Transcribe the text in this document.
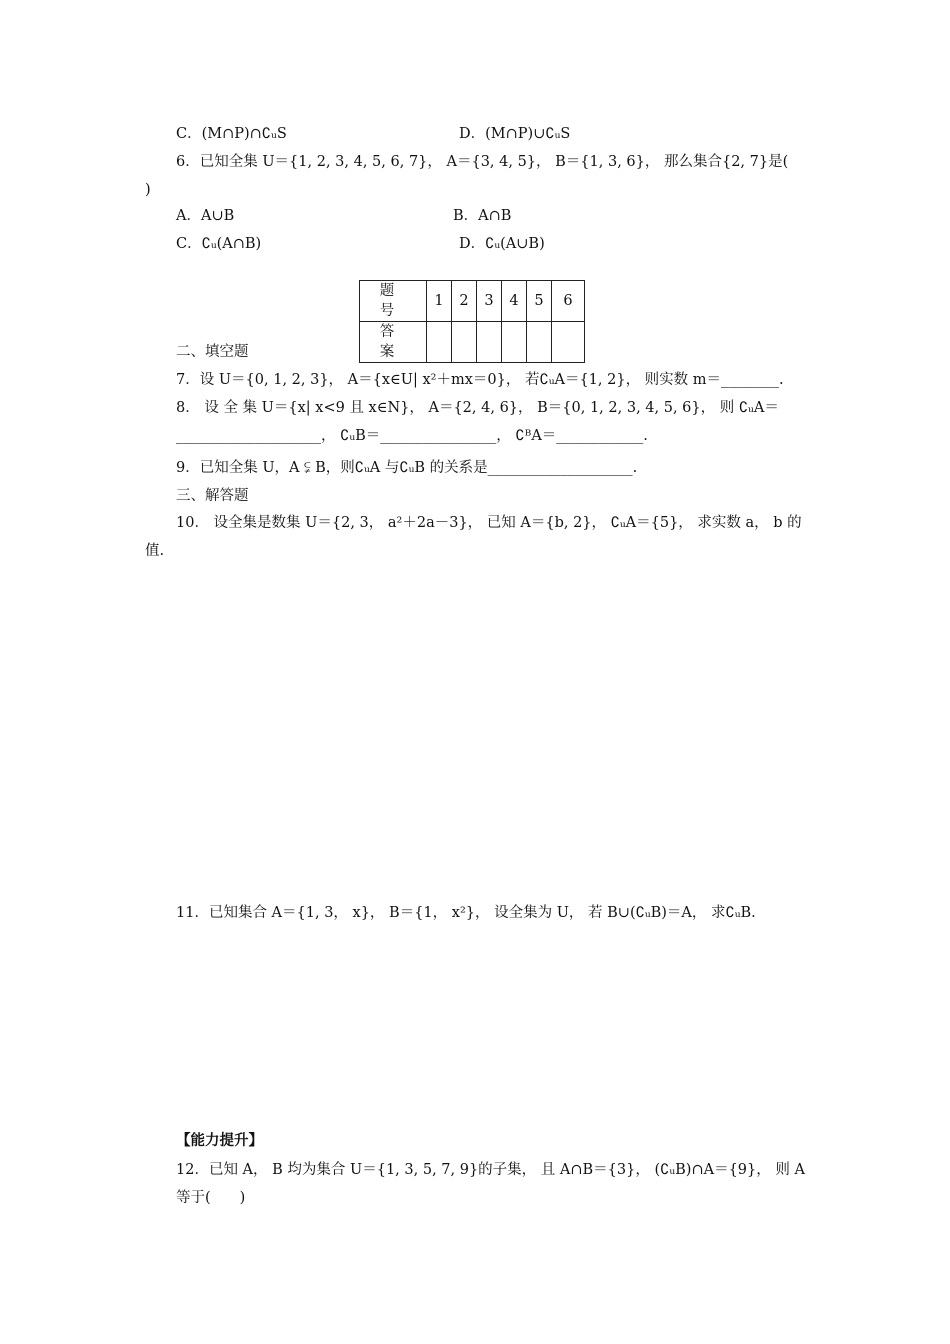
C．(M∩P)∩∁ᵤS	D．(M∩P)∪∁ᵤS
6．已知全集 U＝{1, 2, 3, 4, 5, 6, 7}， A＝{3, 4, 5}， B＝{1, 3, 6}， 那么集合{2, 7}是(
)
A．A∪B	B．A∩B
C．∁ᵤ(A∩B)	D．∁ᵤ(A∪B)
题 号	1	2	3	4	5	6
答 案						
二、填空题
7．设 U＝{0, 1, 2, 3}， A＝{x∈U| x²＋mx＝0}， 若∁ᵤA＝{1, 2}， 则实数 m＝________.
8． 设 全 集 U＝{x| x<9 且 x∈N}， A＝{2, 4, 6}， B＝{0, 1, 2, 3, 4, 5, 6}， 则 ∁ᵤA＝
____________________， ∁ᵤB＝________________， ∁ᴮA＝____________.
9．已知全集 U，A ⫋ B，则∁ᵤA 与∁ᵤB 的关系是____________________.
三、解答题
10． 设全集是数集 U＝{2, 3， a²＋2a－3}， 已知 A＝{b, 2}， ∁ᵤA＝{5}， 求实数 a， b 的
值.
11．已知集合 A＝{1, 3， x}， B＝{1， x²}， 设全集为 U， 若 B∪(∁ᵤB)＝A， 求∁ᵤB.
【能力提升】
12．已知 A， B 均为集合 U＝{1, 3, 5, 7, 9}的子集， 且 A∩B＝{3}， (∁ᵤB)∩A＝{9}， 则 A
等于(　　)
